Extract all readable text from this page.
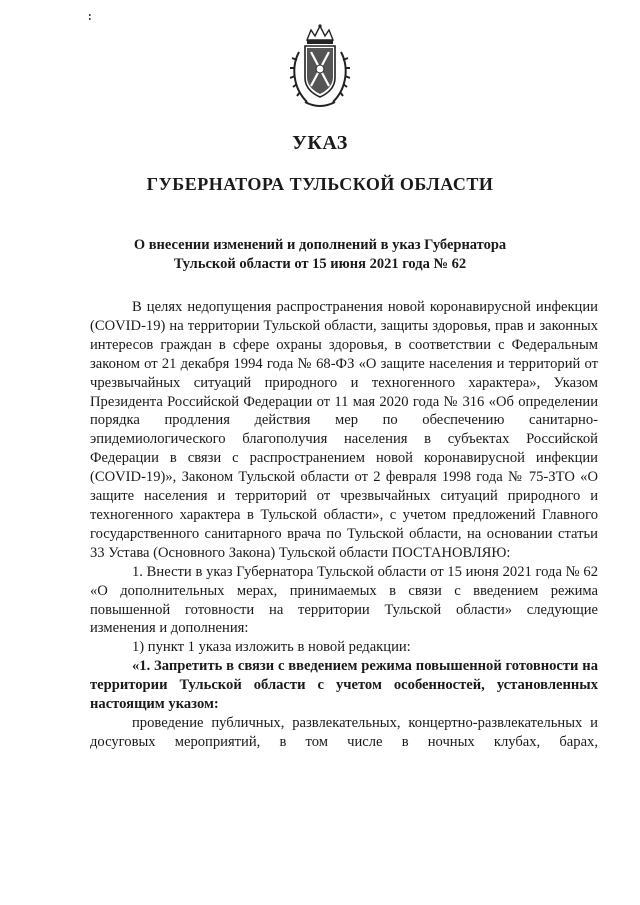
УКАЗ
ГУБЕРНАТОРА ТУЛЬСКОЙ ОБЛАСТИ
О внесении изменений и дополнений в указ Губернатора
Тульской области от 15 июня 2021 года № 62

В целях недопущения распространения новой коронавирусной инфекции (COVID-19) на территории Тульской области, защиты здоровья, прав и законных интересов граждан в сфере охраны здоровья, в соответствии с Федеральным законом от 21 декабря 1994 года № 68-ФЗ «О защите населения и территорий от чрезвычайных ситуаций природного и техногенного характера», Указом Президента Российской Федерации от 11 мая 2020 года № 316 «Об определении порядка продления действия мер по обеспечению санитарно-эпидемиологического благополучия населения в субъектах Российской Федерации в связи с распространением новой коронавирусной инфекции (COVID-19)», Законом Тульской области от 2 февраля 1998 года № 75-ЗТО «О защите населения и территорий от чрезвычайных ситуаций природного и техногенного характера в Тульской области», с учетом предложений Главного государственного санитарного врача по Тульской области, на основании статьи 33 Устава (Основного Закона) Тульской области ПОСТАНОВЛЯЮ:

1. Внести в указ Губернатора Тульской области от 15 июня 2021 года № 62 «О дополнительных мерах, принимаемых в связи с введением режима повышенной готовности на территории Тульской области» следующие изменения и дополнения:

1) пункт 1 указа изложить в новой редакции:

«1. Запретить в связи с введением режима повышенной готовности на территории Тульской области с учетом особенностей, установленных настоящим указом:

проведение публичных, развлекательных, концертно-развлекательных и досуговых мероприятий, в том числе в ночных клубах, барах,
